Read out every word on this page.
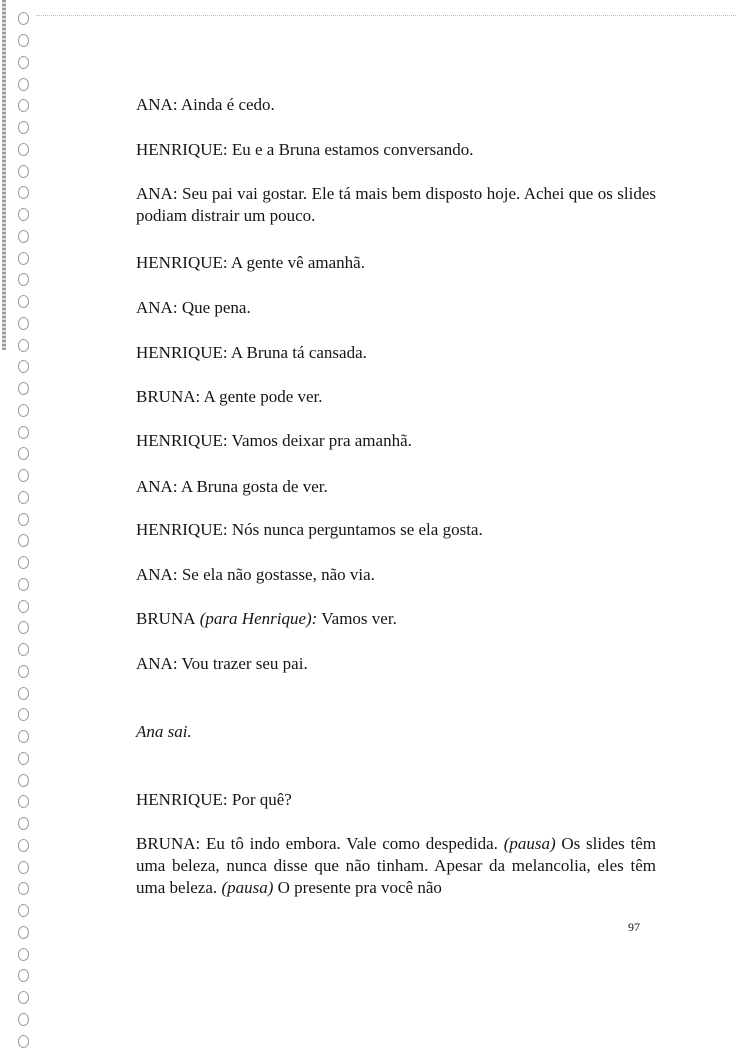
ANA: Ainda é cedo.

HENRIQUE: Eu e a Bruna estamos conversando.

ANA: Seu pai vai gostar. Ele tá mais bem disposto hoje. Achei que os slides podiam distrair um pouco.

HENRIQUE: A gente vê amanhã.

ANA: Que pena.

HENRIQUE: A Bruna tá cansada.

BRUNA: A gente pode ver.

HENRIQUE: Vamos deixar pra amanhã.

ANA: A Bruna gosta de ver.

HENRIQUE: Nós nunca perguntamos se ela gosta.

ANA: Se ela não gostasse, não via.

BRUNA (para Henrique): Vamos ver.

ANA: Vou trazer seu pai.

Ana sai.

HENRIQUE: Por quê?

BRUNA: Eu tô indo embora. Vale como despedida. (pausa) Os slides têm uma beleza, nunca disse que não tinham. Apesar da melancolia, eles têm uma beleza. (pausa) O presente pra você não

97
